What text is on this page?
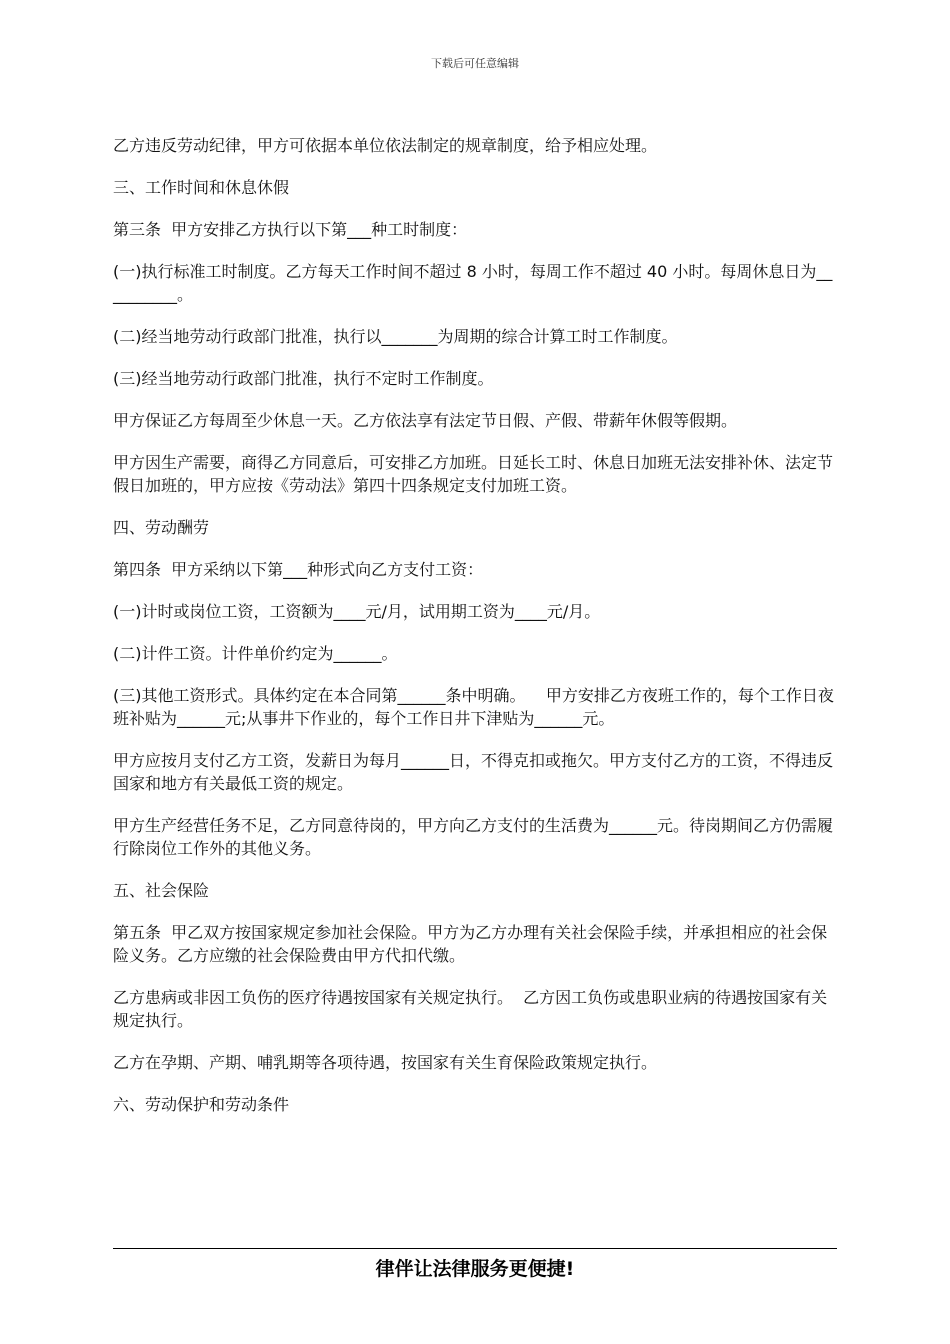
下载后可任意编辑

乙方违反劳动纪律，甲方可依据本单位依法制定的规章制度，给予相应处理。

三、工作时间和休息休假

第三条  甲方安排乙方执行以下第___种工时制度：

(一)执行标准工时制度。乙方每天工作时间不超过 8 小时，每周工作不超过 40 小时。每周休息日为__________。

(二)经当地劳动行政部门批准，执行以_______为周期的综合计算工时工作制度。

(三)经当地劳动行政部门批准，执行不定时工作制度。

甲方保证乙方每周至少休息一天。乙方依法享有法定节日假、产假、带薪年休假等假期。

甲方因生产需要，商得乙方同意后，可安排乙方加班。日延长工时、休息日加班无法安排补休、法定节假日加班的，甲方应按《劳动法》第四十四条规定支付加班工资。

四、劳动酬劳

第四条  甲方采纳以下第___种形式向乙方支付工资：

(一)计时或岗位工资，工资额为____元/月，试用期工资为____元/月。

(二)计件工资。计件单价约定为______。

(三)其他工资形式。具体约定在本合同第______条中明确。    甲方安排乙方夜班工作的，每个工作日夜班补贴为______元;从事井下作业的，每个工作日井下津贴为______元。

甲方应按月支付乙方工资，发薪日为每月______日，不得克扣或拖欠。甲方支付乙方的工资，不得违反国家和地方有关最低工资的规定。

甲方生产经营任务不足，乙方同意待岗的，甲方向乙方支付的生活费为______元。待岗期间乙方仍需履行除岗位工作外的其他义务。

五、社会保险

第五条  甲乙双方按国家规定参加社会保险。甲方为乙方办理有关社会保险手续，并承担相应的社会保险义务。乙方应缴的社会保险费由甲方代扣代缴。

乙方患病或非因工负伤的医疗待遇按国家有关规定执行。  乙方因工负伤或患职业病的待遇按国家有关规定执行。

乙方在孕期、产期、哺乳期等各项待遇，按国家有关生育保险政策规定执行。

六、劳动保护和劳动条件

律伴让法律服务更便捷!
